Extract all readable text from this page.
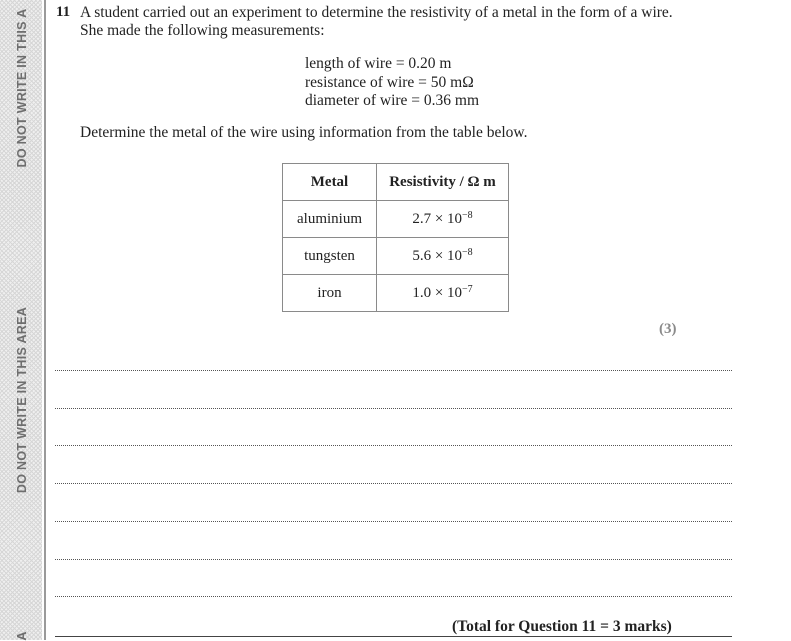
DO NOT WRITE IN THIS A
DO NOT WRITE IN THIS AREA
A
11 A student carried out an experiment to determine the resistivity of a metal in the form of a wire. She made the following measurements:
length of wire = 0.20 m
resistance of wire = 50 mΩ
diameter of wire = 0.36 mm
Determine the metal of the wire using information from the table below.
Metal	Resistivity / Ω m
aluminium	$2.7 \times 10^{-8}$
tungsten	$5.6 \times 10^{-8}$
iron	$1.0 \times 10^{-7}$
(3)
(Total for Question 11 = 3 marks)
